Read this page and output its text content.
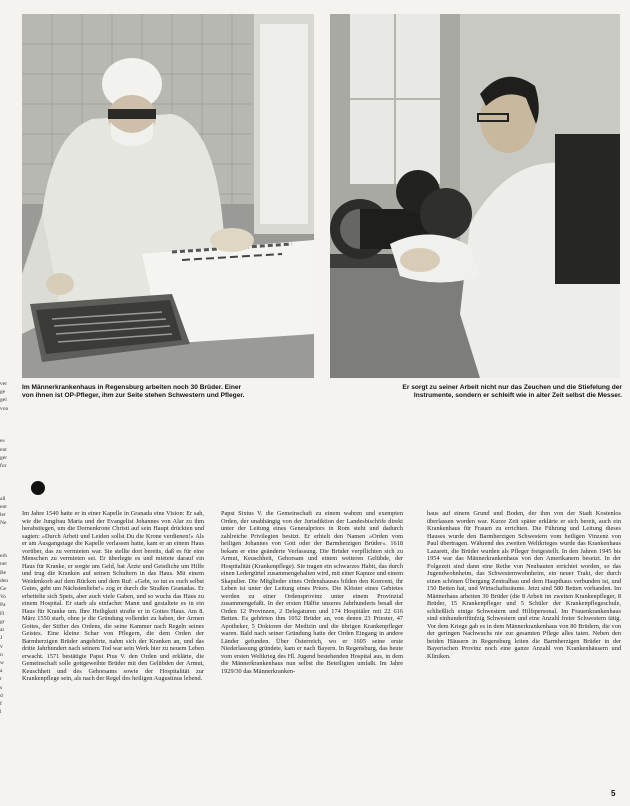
Im Männerkrankenhaus in Regensburg arbeiten noch 30 Brüder. Einer von ihnen ist OP-Pfleger, ihm zur Seite stehen Schwestern und Pfleger.
Er sorgt zu seiner Arbeit nicht nur das Zeuchen und die Stiefelung der Instrumente, sondern er schleift wie in alter Zeit selbst die Messer.
ver
ge
gel
von

es
ent
ger
for

all
ent
ler
Ne

erh
ner
Be
den
Ge
Vo
Pa
Fl
gr
at
J
v
n
w
a
r
s
d
f
l

Im Jahre 1540 hatte er in einer Kapelle in Granada eine Vision: Er sah, wie die Jungfrau Maria und der Evangelist Johannes von Alar zu ihm herabstiegen, um die Dornenkrone Christi auf sein Haupt drückten und sagten: »Durch Arbeit und Leiden sollst Du die Krone verdienen!« Als er am Ausgangstage die Kapelle verlassen hatte, kam er an einem Haus vorüber, das zu vermieten war. Sie stellte dort bereits, daß es für eine Menschen zu vermieten sei. Er überlegte es und mietete darauf ein Haus für Kranke, er sorgte um Geld, bat Ärzte und Geistliche um Hilfe und trug die Kranken auf seinen Schultern in das Haus. Mit einem Weidenkorb auf dem Rücken und dem Ruf: »Gebt, so tut es euch selbst Gutes, gebt um Nächstenliebe!« zog er durch die Straßen Granadas. Er erbettelte sich Speis, aber auch viele Gaben, und so wuchs das Haus zu einem Hospital. Er starb als einfacher Mann und gestaltete es in ein Haus für Kranke um. Ihre Heiligkeit strafte er in Gottes Haus. Am 8. März 1550 starb, ohne je die Gründung vollendet zu haben, der Armen Gottes, der Stifter des Ordens, die seine Kammer nach Regeln seines Geistes. Eine kleine Schar von Pflegern, die dem Orden der Barmherzigen Brüder angehörte, nahm sich der Kranken an, und das dritte Jahrhundert nach seinem Tod war sein Werk hier zu neuem Leben erwacht. 1571 bestätigte Papst Pius V. den Orden und erklärte, die Gemeinschaft solle gottgeweihte Brüder mit den Gelübden der Armut, Keuschheit und des Gehorsams sowie der Hospitalität zur Krankenpflege sein, als nach der Regel des heiligen Augustinus lebend.

Papst Sixtus V. die Gemeinschaft zu einem wahren und exempten Orden, der unabhängig von der Jurisdiktion der Landesbischöfe direkt unter der Leitung eines Generalpriors in Rom steht und dadurch zahlreiche Privilegien besitzt. Er erhielt den Namen »Orden vom heiligen Johannes von Gott oder der Barmherzigen Brüder«. 1618 bekam er eine geänderte Verfassung. Die Brüder verpflichten sich zu Armut, Keuschheit, Gehorsam und einem weiteren Gelübde, der Hospitalität (Krankenpflege). Sie tragen ein schwarzes Habit, das durch einen Ledergürtel zusammengehalten wird, mit einer Kapuze und einem Skapulier. Die Mitglieder eines Ordenshauses bilden den Konvent, ihr Leben ist unter der Leitung eines Priors. Die Klöster eines Gebietes werden zu einer Ordensprovinz unter einem Provinzial zusammengefaßt. In der ersten Hälfte unseres Jahrhunderts besaß der Orden 12 Provinzen, 2 Delegaturen und 174 Hospitäler mit 22 616 Betten. Es gehörten ihm 1052 Brüder an, von denen 23 Priester, 47 Apotheker, 5 Doktoren der Medizin und die übrigen Krankenpfleger waren. Bald nach seiner Gründung hatte der Orden Eingang in andere Länder gefunden. Über Österreich, wo er 1605 seine erste Niederlassung gründete, kam er nach Bayern. In Regensburg, das heute vom ersten Weltkrieg des Hl. Jugend bestehenden Hospital aus, in dem die Männerkrankenhaus nun selbst die Beteiligten umfaßt. Im Jahre 1929/30 das Männerkranken-

haus auf einem Grund und Boden, der ihm von der Stadt Kostenlos überlassen worden war. Kurze Zeit später erklärte er sich bereit, auch ein Krankenhaus für Frauen zu errichten. Die Führung und Leitung dieses Hauses wurde den Barmherzigen Schwestern vom heiligen Vinzenz von Paul übertragen. Während des zweiten Weltkrieges wurde das Krankenhaus Lazarett, die Brüder wurden als Pfleger freigestellt. In den Jahren 1945 bis 1954 war das Männerkrankenhaus von den Amerikanern besetzt. In der Folgezeit sind dann eine Reihe von Neubauten errichtet worden, so das Jugendwohnheim, das Schwesternwohnheim, ein neuer Trakt, der durch einen schönen Übergang Zentralbau und dem Haupthaus verbunden ist, und 150 Betten hat, und Wirtschaftsräume. Jetzt sind 580 Betten vorhanden. Im Männerhaus arbeiten 30 Brüder (die 8 Arbeit im zweiten Krankenpfleger, 8 Brüder, 15 Krankenpfleger und 5 Schüler der Krankenpflegeschule, schließlich einige Schwestern und Hilfspersonal. Im Frauenkrankenhaus sind einhundertfünfzig Schwestern und eine Anzahl freier Schwestern tätig. Vor dem Kriege gab es in dem Männerkrankenhaus von 80 Brüdern, die von der geringen Nachwuchs nie zur gesamten Pflege alles taten. Neben den beiden Häusern in Regensburg leiten die Barmherzigen Brüder in der Bayerischen Provinz noch eine ganze Anzahl von Krankenhäusern und Kliniken.

5
